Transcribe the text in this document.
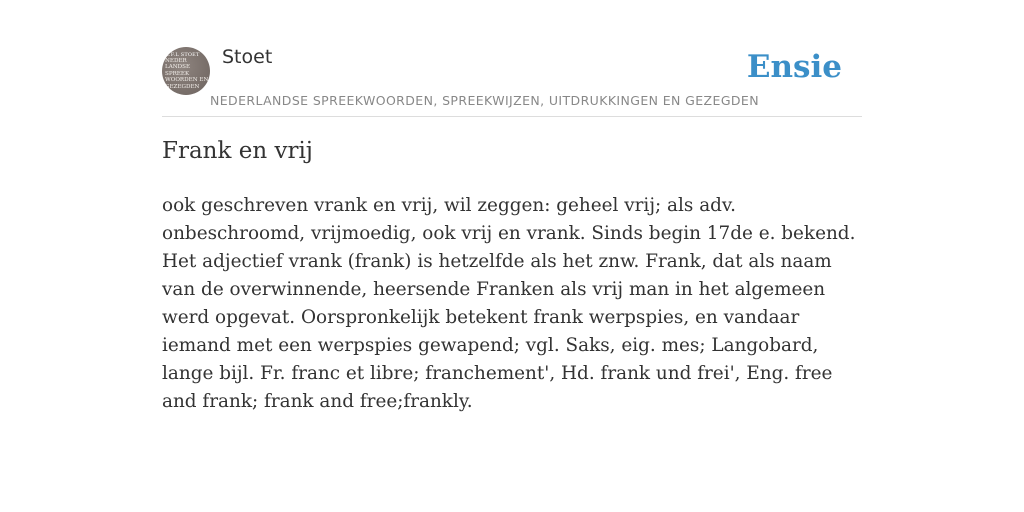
K.F.L STOET
NEDER
LANDSE
SPREEK
WOORDEN EN
GEZEGDEN
Stoet
NEDERLANDSE SPREEKWOORDEN, SPREEKWIJZEN, UITDRUKKINGEN EN GEZEGDEN
Ensie
Frank en vrij

ook geschreven vrank en vrij, wil zeggen: geheel vrij; als adv. onbeschroomd, vrijmoedig, ook vrij en vrank. Sinds begin 17de e. bekend. Het adjectief vrank (frank) is hetzelfde als het znw. Frank, dat als naam van de overwinnende, heersende Franken als vrij man in het algemeen werd opgevat. Oorspronkelijk betekent frank werpspies, en vandaar iemand met een werpspies gewapend; vgl. Saks, eig. mes; Langobard, lange bijl. Fr. franc et libre; franchement', Hd. frank und frei', Eng. free and frank; frank and free;frankly.
